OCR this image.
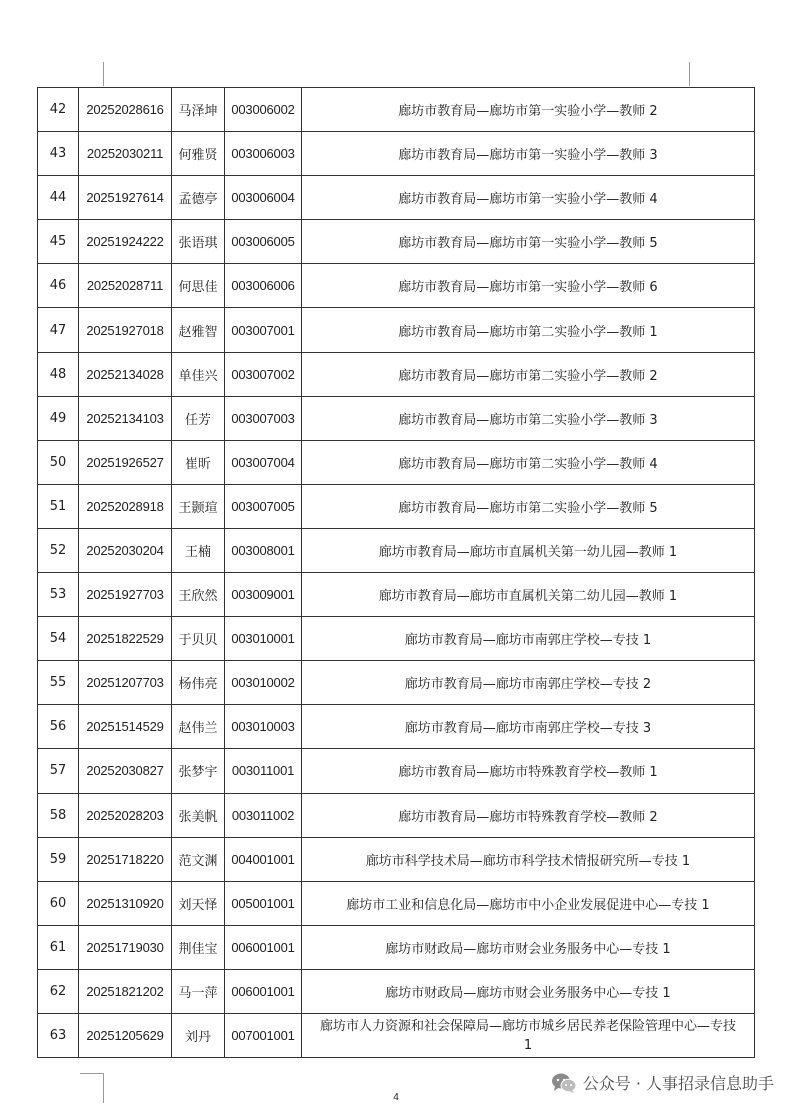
42	20252028616	马泽坤	003006002	廊坊市教育局—廊坊市第一实验小学—教师 2
43	20252030211	何雅贤	003006003	廊坊市教育局—廊坊市第一实验小学—教师 3
44	20251927614	孟德亭	003006004	廊坊市教育局—廊坊市第一实验小学—教师 4
45	20251924222	张语琪	003006005	廊坊市教育局—廊坊市第一实验小学—教师 5
46	20252028711	何思佳	003006006	廊坊市教育局—廊坊市第一实验小学—教师 6
47	20251927018	赵雅智	003007001	廊坊市教育局—廊坊市第二实验小学—教师 1
48	20252134028	单佳兴	003007002	廊坊市教育局—廊坊市第二实验小学—教师 2
49	20252134103	任芳	003007003	廊坊市教育局—廊坊市第二实验小学—教师 3
50	20251926527	崔昕	003007004	廊坊市教育局—廊坊市第二实验小学—教师 4
51	20252028918	王颢瑄	003007005	廊坊市教育局—廊坊市第二实验小学—教师 5
52	20252030204	王楠	003008001	廊坊市教育局—廊坊市直属机关第一幼儿园—教师 1
53	20251927703	王欣然	003009001	廊坊市教育局—廊坊市直属机关第二幼儿园—教师 1
54	20251822529	于贝贝	003010001	廊坊市教育局—廊坊市南郭庄学校—专技 1
55	20251207703	杨伟亮	003010002	廊坊市教育局—廊坊市南郭庄学校—专技 2
56	20251514529	赵伟兰	003010003	廊坊市教育局—廊坊市南郭庄学校—专技 3
57	20252030827	张梦宇	003011001	廊坊市教育局—廊坊市特殊教育学校—教师 1
58	20252028203	张美帆	003011002	廊坊市教育局—廊坊市特殊教育学校—教师 2
59	20251718220	范文渊	004001001	廊坊市科学技术局—廊坊市科学技术情报研究所—专技 1
60	20251310920	刘天怿	005001001	廊坊市工业和信息化局—廊坊市中小企业发展促进中心—专技 1
61	20251719030	荆佳宝	006001001	廊坊市财政局—廊坊市财会业务服务中心—专技 1
62	20251821202	马一萍	006001001	廊坊市财政局—廊坊市财会业务服务中心—专技 1
63	20251205629	刘丹	007001001	廊坊市人力资源和社会保障局—廊坊市城乡居民养老保险管理中心—专技 1
4
公众号 · 人事招录信息助手
